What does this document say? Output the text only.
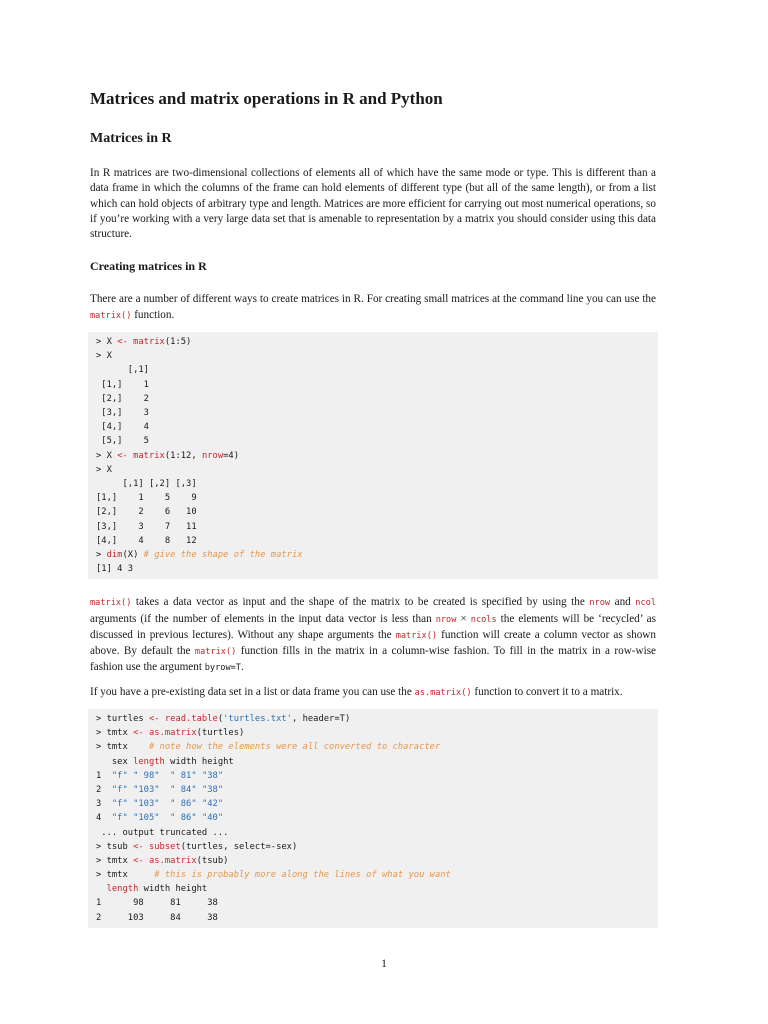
Matrices and matrix operations in R and Python
Matrices in R

In R matrices are two-dimensional collections of elements all of which have the same mode or type. This is different than a data frame in which the columns of the frame can hold elements of different type (but all of the same length), or from a list which can hold objects of arbitrary type and length. Matrices are more efficient for carrying out most numerical operations, so if you’re working with a very large data set that is amenable to representation by a matrix you should consider using this data structure.

Creating matrices in R

There are a number of different ways to create matrices in R. For creating small matrices at the command line you can use the matrix() function.

> X <- matrix(1:5)
> X
[,1]
[1,]    1
[2,]    2
[3,]    3
[4,]    4
[5,]    5
> X <- matrix(1:12, nrow=4)
> X
[,1] [,2] [,3]
[1,]    1    5    9
[2,]    2    6   10
[3,]    3    7   11
[4,]    4    8   12
> dim(X) # give the shape of the matrix
[1] 4 3

matrix() takes a data vector as input and the shape of the matrix to be created is specified by using the nrow and ncol arguments (if the number of elements in the input data vector is less than nrow × ncols the elements will be ‘recycled’ as discussed in previous lectures). Without any shape arguments the matrix() function will create a column vector as shown above. By default the matrix() function fills in the matrix in a column-wise fashion. To fill in the matrix in a row-wise fashion use the argument byrow=T.

If you have a pre-existing data set in a list or data frame you can use the as.matrix() function to convert it to a matrix.

> turtles <- read.table('turtles.txt', header=T)
> tmtx <- as.matrix(turtles)
> tmtx    # note how the elements were all converted to character
sex length width height
1  "f" " 98" " 81" "38"
2  "f" "103" " 84" "38"
3  "f" "103" " 86" "42"
4  "f" "105" " 86" "40"
... output truncated ...
> tsub <- subset(turtles, select=-sex)
> tmtx <- as.matrix(tsub)
> tmtx     # this is probably more along the lines of what you want
length width height
1      98     81     38
2     103     84     38
1
